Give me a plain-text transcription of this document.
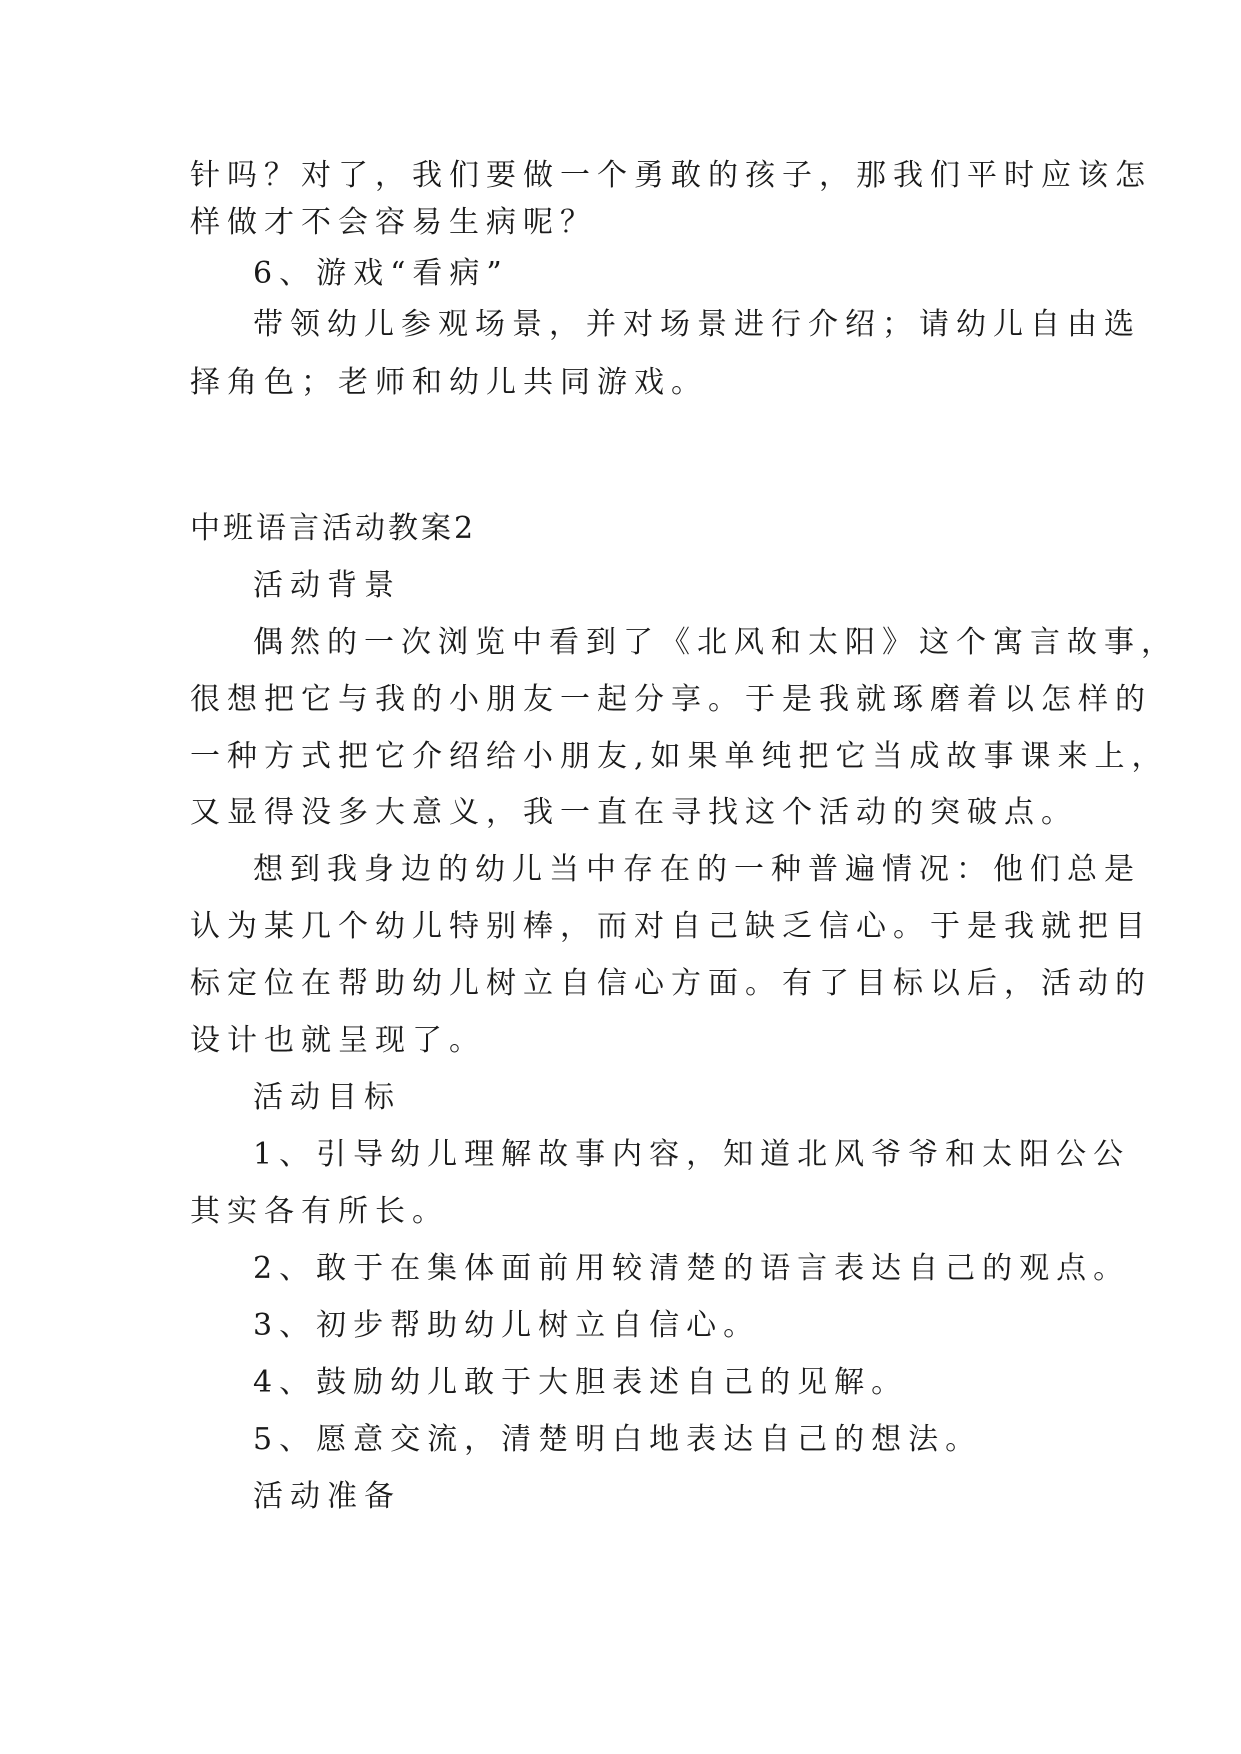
针吗？对了，我们要做一个勇敢的孩子，那我们平时应该怎
样做才不会容易生病呢？
6、游戏“看病”
带领幼儿参观场景，并对场景进行介绍；请幼儿自由选
择角色；老师和幼儿共同游戏。
中班语言活动教案2
活动背景
偶然的一次浏览中看到了《北风和太阳》这个寓言故事，
很想把它与我的小朋友一起分享。于是我就琢磨着以怎样的
一种方式把它介绍给小朋友,如果单纯把它当成故事课来上，
又显得没多大意义，我一直在寻找这个活动的突破点。
想到我身边的幼儿当中存在的一种普遍情况：他们总是
认为某几个幼儿特别棒，而对自己缺乏信心。于是我就把目
标定位在帮助幼儿树立自信心方面。有了目标以后，活动的
设计也就呈现了。
活动目标
1、引导幼儿理解故事内容，知道北风爷爷和太阳公公
其实各有所长。
2、敢于在集体面前用较清楚的语言表达自己的观点。
3、初步帮助幼儿树立自信心。
4、鼓励幼儿敢于大胆表述自己的见解。
5、愿意交流，清楚明白地表达自己的想法。
活动准备
